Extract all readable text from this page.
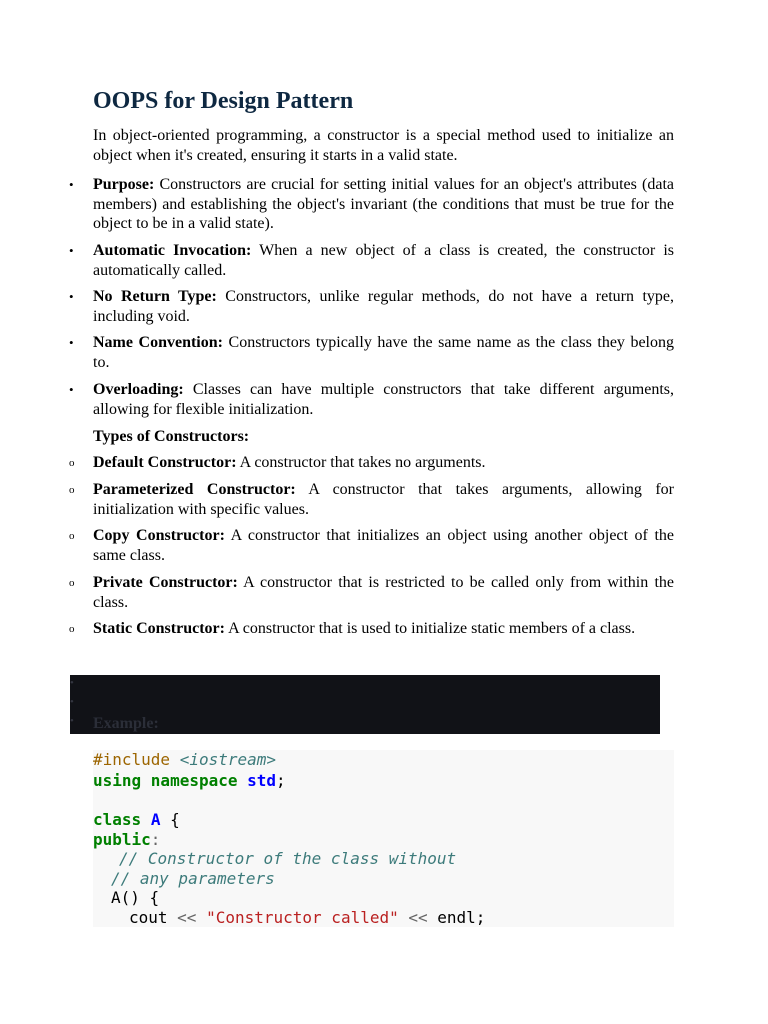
OOPS for Design Pattern

In object-oriented programming, a constructor is a special method used to initialize an object when it's created, ensuring it starts in a valid state.

• Purpose: Constructors are crucial for setting initial values for an object's attributes (data members) and establishing the object's invariant (the conditions that must be true for the object to be in a valid state).

• Automatic Invocation: When a new object of a class is created, the constructor is automatically called.

• No Return Type: Constructors, unlike regular methods, do not have a return type, including void.

• Name Convention: Constructors typically have the same name as the class they belong to.

• Overloading: Classes can have multiple constructors that take different arguments, allowing for flexible initialization.

Types of Constructors:

o Default Constructor: A constructor that takes no arguments.

o Parameterized Constructor: A constructor that takes arguments, allowing for initialization with specific values.

o Copy Constructor: A constructor that initializes an object using another object of the same class.

o Private Constructor: A constructor that is restricted to be called only from within the class.

o Static Constructor: A constructor that is used to initialize static members of a class.

•
•
• Example:
#include <iostream>
using namespace std;
class A {
public:
// Constructor of the class without
// any parameters
A() {
cout << "Constructor called" << endl;
